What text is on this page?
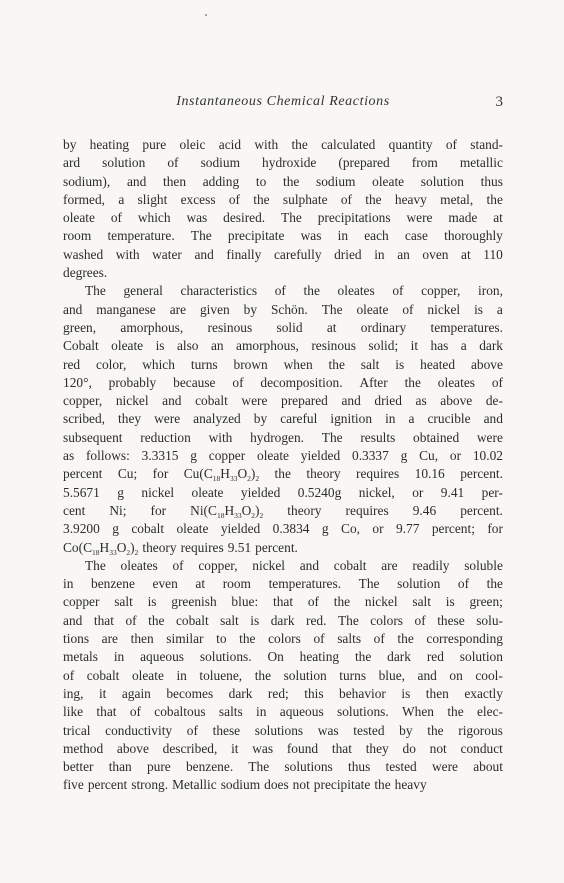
Instantaneous Chemical Reactions	3
by heating pure oleic acid with the calculated quantity of stand-
ard solution of sodium hydroxide (prepared from metallic
sodium), and then adding to the sodium oleate solution thus
formed, a slight excess of the sulphate of the heavy metal, the
oleate of which was desired. The precipitations were made at
room temperature. The precipitate was in each case thoroughly
washed with water and finally carefully dried in an oven at 110
degrees.
The general characteristics of the oleates of copper, iron,
and manganese are given by Schön. The oleate of nickel is a
green, amorphous, resinous solid at ordinary temperatures.
Cobalt oleate is also an amorphous, resinous solid; it has a dark
red color, which turns brown when the salt is heated above
120°, probably because of decomposition. After the oleates of
copper, nickel and cobalt were prepared and dried as above de-
scribed, they were analyzed by careful ignition in a crucible and
subsequent reduction with hydrogen. The results obtained were
as follows: 3.3315 g copper oleate yielded 0.3337 g Cu, or 10.02
percent Cu; for $Cu(C_{18}H_{33}O_2)_2$ the theory requires 10.16 percent.
5.5671 g nickel oleate yielded 0.5240g nickel, or 9.41 per-
cent Ni; for $Ni(C_{18}H_{33}O_2)_2$ theory requires 9.46 percent.
3.9200 g cobalt oleate yielded 0.3834 g Co, or 9.77 percent; for
$Co(C_{18}H_{33}O_2)_2$ theory requires 9.51 percent.
The oleates of copper, nickel and cobalt are readily soluble
in benzene even at room temperatures. The solution of the
copper salt is greenish blue: that of the nickel salt is green;
and that of the cobalt salt is dark red. The colors of these solu-
tions are then similar to the colors of salts of the corresponding
metals in aqueous solutions. On heating the dark red solution
of cobalt oleate in toluene, the solution turns blue, and on cool-
ing, it again becomes dark red; this behavior is then exactly
like that of cobaltous salts in aqueous solutions. When the elec-
trical conductivity of these solutions was tested by the rigorous
method above described, it was found that they do not conduct
better than pure benzene. The solutions thus tested were about
five percent strong. Metallic sodium does not precipitate the heavy
